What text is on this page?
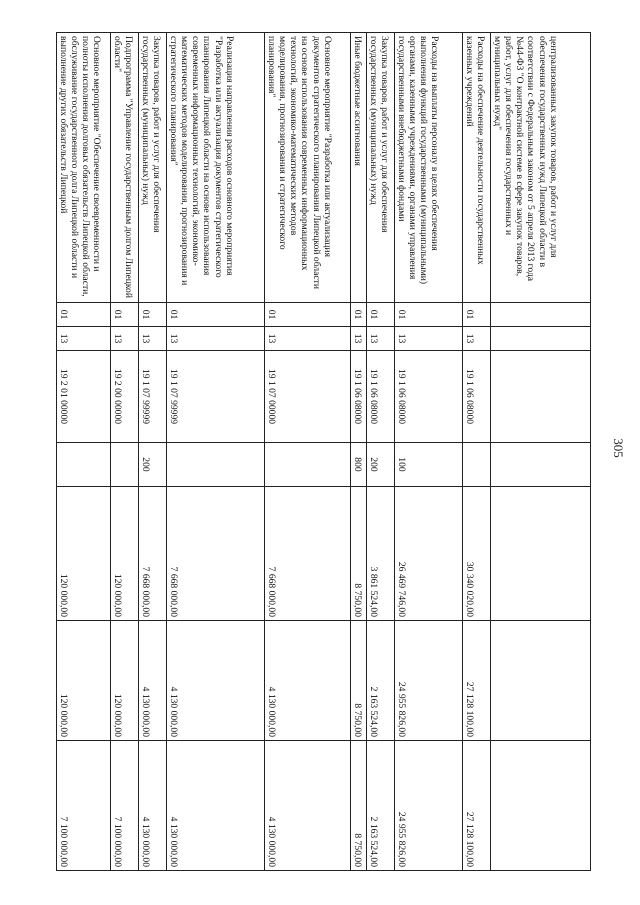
305
централизованных закупок товаров, работ и услуг для обеспечения государственных нужд Липецкой области в соответствии с Федеральным законом от 5 апреля 2013 года №44-ФЗ "О контрактной системе в сфере закупок товаров, работ, услуг для обеспечения государственных и муниципальных нужд"							
Расходы на обеспечение деятельности государственных казенных учреждений	01	13	19 1 06 08000		30 340 020,00	27 128 100,00	27 128 100,00
Расходы на выплаты персоналу в целях обеспечения выполнения функций государственными (муниципальными) органами, казенными учреждениями, органами управления государственными внебюджетными фондами	01	13	19 1 06 08000	100	26 469 746,00	24 955 826,00	24 955 826,00
Закупка товаров, работ и услуг для обеспечения государственных (муниципальных) нужд	01	13	19 1 06 08000	200	3 861 524,00	2 163 524,00	2 163 524,00
Иные бюджетные ассигнования	01	13	19 1 06 08000	800	8 750,00	8 750,00	8 750,00
Основное мероприятие "Разработка или актуализация документов стратегического планирования Липецкой области на основе использования современных информационных технологий, экономико-математических методов моделирования, прогнозирования и стратегического планирования"	01	13	19 1 07 00000		7 668 000,00	4 130 000,00	4 130 000,00
Реализация направления расходов основного мероприятия "Разработка или актуализация документов стратегического планирования Липецкой области на основе использования современных информационных технологий, экономико-математических методов моделирования, прогнозирования и стратегического планирования"	01	13	19 1 07 99999		7 668 000,00	4 130 000,00	4 130 000,00
Закупка товаров, работ и услуг для обеспечения государственных (муниципальных) нужд	01	13	19 1 07 99999	200	7 668 000,00	4 130 000,00	4 130 000,00
Подпрограмма "Управление государственным долгом Липецкой области"	01	13	19 2 00 00000		120 000,00	120 000,00	7 100 000,00
Основное мероприятие "Обеспечение своевременности и полноты исполнения долговых обязательств Липецкой области, обслуживание государственного долга Липецкой области и выполнение других обязательств Липецкой	01	13	19 2 01 00000		120 000,00	120 000,00	7 100 000,00
